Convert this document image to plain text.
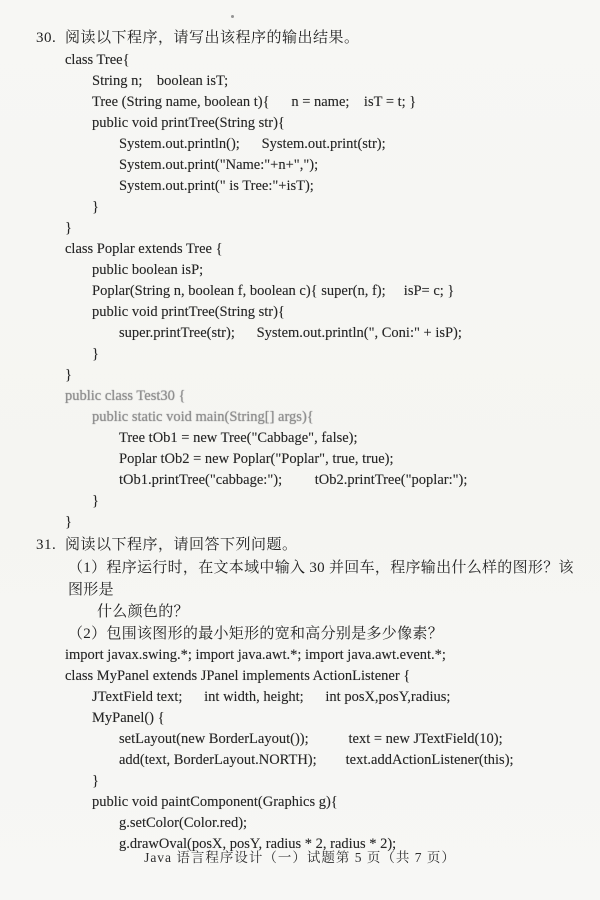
30. 阅读以下程序，请写出该程序的输出结果。
class Tree{
String n;    boolean isT;
Tree (String name, boolean t){      n = name;    isT = t; }
public void printTree(String str){
System.out.println();      System.out.print(str);
System.out.print("Name:"+n+",");
System.out.print(" is Tree:"+isT);
}
}
class Poplar extends Tree {
public boolean isP;
Poplar(String n, boolean f, boolean c){ super(n, f);     isP= c; }
public void printTree(String str){
super.printTree(str);      System.out.println(", Coni:" + isP);
}
}
public class Test30 {
public static void main(String[] args){
Tree tOb1 = new Tree("Cabbage", false);
Poplar tOb2 = new Poplar("Poplar", true, true);
tOb1.printTree("cabbage:");         tOb2.printTree("poplar:");
}
}
31. 阅读以下程序，请回答下列问题。
（1）程序运行时，在文本域中输入 30 并回车，程序输出什么样的图形？该图形是
什么颜色的？
（2）包围该图形的最小矩形的宽和高分别是多少像素？
import javax.swing.*; import java.awt.*; import java.awt.event.*;
class MyPanel extends JPanel implements ActionListener {
JTextField text;      int width, height;      int posX,posY,radius;
MyPanel() {
setLayout(new BorderLayout());           text = new JTextField(10);
add(text, BorderLayout.NORTH);        text.addActionListener(this);
}
public void paintComponent(Graphics g){
g.setColor(Color.red);
g.drawOval(posX, posY, radius * 2, radius * 2);
Java 语言程序设计（一）试题第 5 页（共 7 页）
